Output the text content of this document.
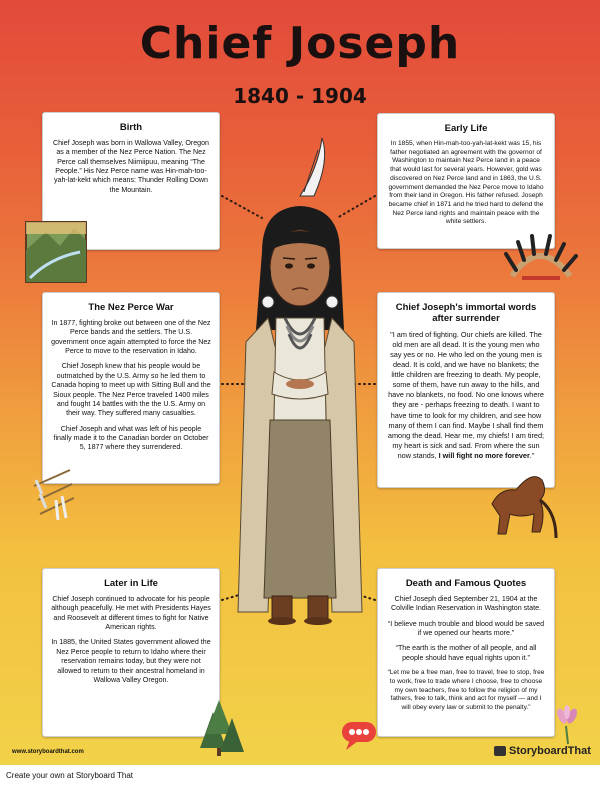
Chief Joseph
1840 - 1904
Birth

Chief Joseph was born in Wallowa Valley, Oregon as a member of the Nez Perce Nation. The Nez Perce call themselves Niimiipuu, meaning “The People.” His Nez Perce name was Hin-mah-too-yah-lat-kekt which means: Thunder Rolling Down the Mountain.

Early Life

In 1855, when Hin-mah-too-yah-lat-kekt was 15, his father negotiated an agreement with the governor of Washington to maintain Nez Perce land in a peace that would last for several years. However, gold was discovered on Nez Perce land and in 1863, the U.S. government demanded the Nez Perce move to Idaho from their land in Oregon. His father refused. Joseph became chief in 1871 and he tried hard to defend the Nez Perce land rights and maintain peace with the white settlers.

The Nez Perce War

In 1877, fighting broke out between one of the Nez Perce bands and the settlers. The U.S. government once again attempted to force the Nez Perce to move to the reservation in Idaho.

Chief Joseph knew that his people would be outmatched by the U.S. Army so he led them to Canada hoping to meet up with Sitting Bull and the Sioux people. The Nez Perce traveled 1400 miles and fought 14 battles with the the U.S. Army on their way. They suffered many casualties.

Chief Joseph and what was left of his people finally made it to the Canadian border on October 5, 1877 where they surrendered.

Chief Joseph's immortal words after surrender

"I am tired of fighting. Our chiefs are killed. The old men are all dead. It is the young men who say yes or no. He who led on the young men is dead. It is cold, and we have no blankets; the little children are freezing to death. My people, some of them, have run away to the hills, and have no blankets, no food. No one knows where they are - perhaps freezing to death. I want to have time to look for my children, and see how many of them I can find. Maybe I shall find them among the dead. Hear me, my chiefs! I am tired; my heart is sick and sad. From where the sun now stands, I will fight no more forever."

Later in Life

Chief Joseph continued to advocate for his people although peacefully. He met with Presidents Hayes and Roosevelt at different times to fight for Native American rights.

In 1885, the United States government allowed the Nez Perce people to return to Idaho where their reservation remains today, but they were not allowed to return to their ancestral homeland in Wallowa Valley Oregon.

Death and Famous Quotes

Chief Joseph died September 21, 1904 at the Colville Indian Reservation in Washington state.

“I believe much trouble and blood would be saved if we opened our hearts more.”

“The earth is the mother of all people, and all people should have equal rights upon it.”

“Let me be a free man, free to travel, free to stop, free to work, free to trade where I choose, free to choose my own teachers, free to follow the religion of my fathers, free to talk, think and act for myself — and I will obey every law or submit to the penalty.”

www.storyboardthat.com	StoryboardThat
Create your own at Storyboard That
